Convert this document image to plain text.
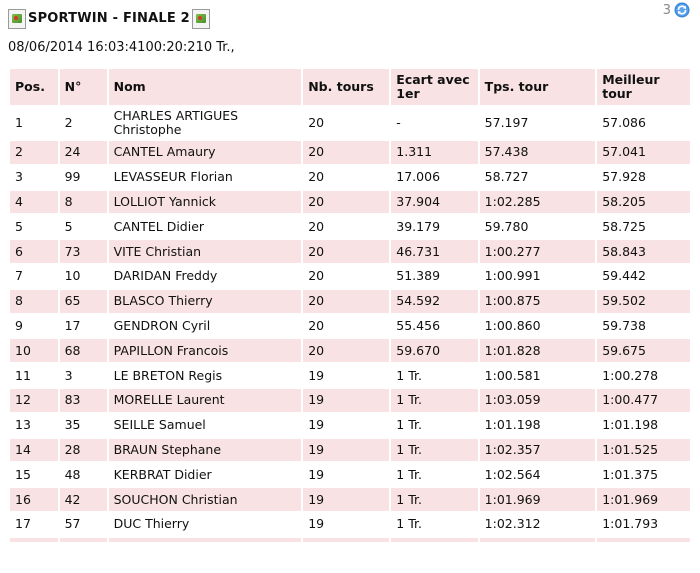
SPORTWIN - FINALE 2
3
08/06/2014 16:03:4100:20:210 Tr.,
Pos.	N°	Nom	Nb. tours	Ecart avec 1er	Tps. tour	Meilleur tour
1	2	CHARLES ARTIGUES Christophe	20	-	57.197	57.086
2	24	CANTEL Amaury	20	1.311	57.438	57.041
3	99	LEVASSEUR Florian	20	17.006	58.727	57.928
4	8	LOLLIOT Yannick	20	37.904	1:02.285	58.205
5	5	CANTEL Didier	20	39.179	59.780	58.725
6	73	VITE Christian	20	46.731	1:00.277	58.843
7	10	DARIDAN Freddy	20	51.389	1:00.991	59.442
8	65	BLASCO Thierry	20	54.592	1:00.875	59.502
9	17	GENDRON Cyril	20	55.456	1:00.860	59.738
10	68	PAPILLON Francois	20	59.670	1:01.828	59.675
11	3	LE BRETON Regis	19	1 Tr.	1:00.581	1:00.278
12	83	MORELLE Laurent	19	1 Tr.	1:03.059	1:00.477
13	35	SEILLE Samuel	19	1 Tr.	1:01.198	1:01.198
14	28	BRAUN Stephane	19	1 Tr.	1:02.357	1:01.525
15	48	KERBRAT Didier	19	1 Tr.	1:02.564	1:01.375
16	42	SOUCHON Christian	19	1 Tr.	1:01.969	1:01.969
17	57	DUC Thierry	19	1 Tr.	1:02.312	1:01.793
